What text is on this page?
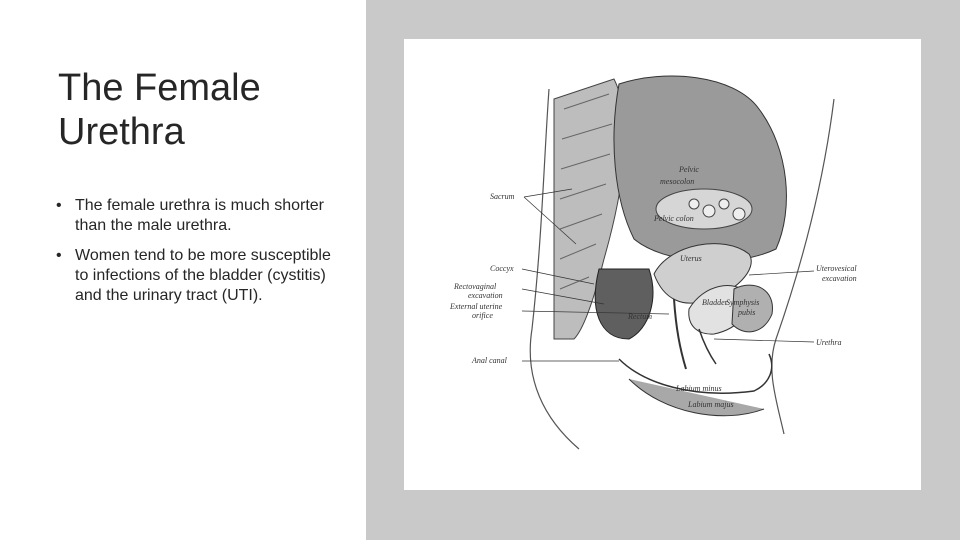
The Female
Urethra
• The female urethra is much shorter than the male urethra.
• Women tend to be more susceptible to infections of the bladder (cystitis) and the urinary tract (UTI).
Sacrum
Coccyx
Rectovaginal
excavation
External uterine
orifice
Anal canal
Uterovesical
excavation
Urethra
Pelvic
mesocolon
Pelvic colon
Uterus
Rectum
Bladder
Symphysis
pubis
Labium minus
Labium majus
